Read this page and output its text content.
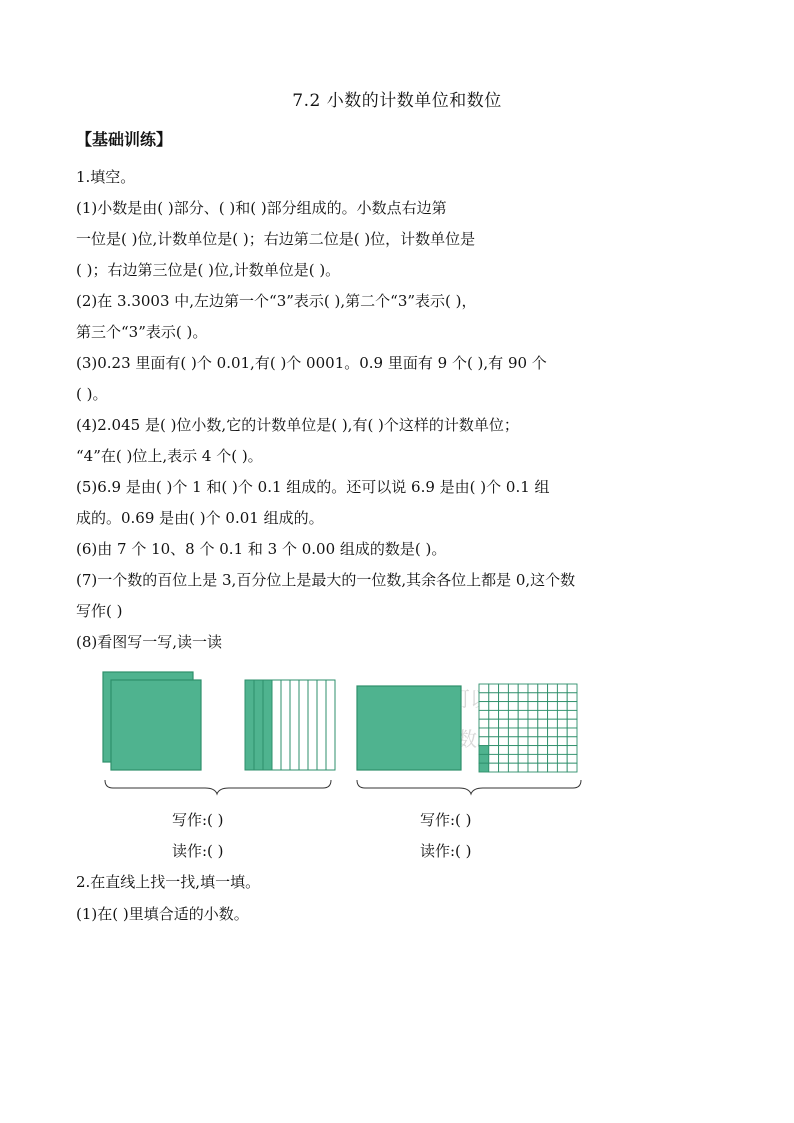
7.2 小数的计数单位和数位
【基础训练】
1.填空。
(1)小数是由( )部分、( )和( )部分组成的。小数点右边第
一位是( )位,计数单位是( )；右边第二位是( )位，计数单位是
( )；右边第三位是( )位,计数单位是( )。
(2)在 3.3003 中,左边第一个“3”表示( ),第二个“3”表示( )，
第三个“3”表示( )。
(3)0.23 里面有( )个 0.01,有( )个 0001。0.9 里面有 9 个( ),有 90 个
( )。
(4)2.045 是( )位小数,它的计数单位是( ),有( )个这样的计数单位；
“4”在( )位上,表示 4 个( )。
(5)6.9 是由( )个 1 和( )个 0.1 组成的。还可以说 6.9 是由( )个 0.1 组
成的。0.69 是由( )个 0.01 组成的。
(6)由 7 个 10、8 个 0.1 和 3 个 0.00 组成的数是( )。
(7)一个数的百位上是 3,百分位上是最大的一位数,其余各位上都是 0,这个数
写作( )
(8)看图写一写,读一读
写作:( )
读作:( )
写作:( )
读作:( )
2.在直线上找一找,填一填。
(1)在( )里填合适的小数。
